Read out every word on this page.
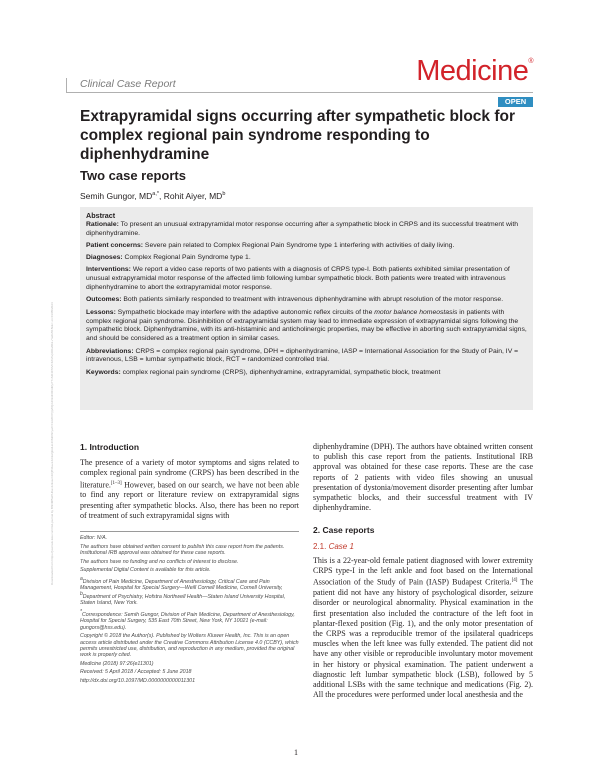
Downloaded from https://journals.lww.com/md-journal by BhDMf5ePHKav1zEoum1tQfN4a+kJLhEZgbsIHo4XMi0hCywCX1AWnYQp/IlQrHD3i3D0OdRyi7TvSFl4Cf3VC4/OAVpDDa8K2+Ya6H515kE= on 03/05/2024
Clinical Case Report	Medicine®
OPEN
Extrapyramidal signs occurring after sympathetic block for complex regional pain syndrome responding to diphenhydramine
Two case reports
Semih Gungor, $MD^{a,*}$, Rohit Aiyer, $MD^b$
Abstract
Rationale: To present an unusual extrapyramidal motor response occurring after a sympathetic block in CRPS and its successful treatment with diphenhydramine.
Patient concerns: Severe pain related to Complex Regional Pain Syndrome type 1 interfering with activities of daily living.
Diagnoses: Complex Regional Pain Syndrome type 1.
Interventions: We report a video case reports of two patients with a diagnosis of CRPS type-I. Both patients exhibited similar presentation of unusual extrapyramidal motor response of the affected limb following lumbar sympathetic block. Both patients were treated with intravenous diphenhydramine to abort the extrapyramidal motor response.
Outcomes: Both patients similarly responded to treatment with intravenous diphenhydramine with abrupt resolution of the motor response.
Lessons: Sympathetic blockade may interfere with the adaptive autonomic reflex circuits of the motor balance homeostasis in patients with complex regional pain syndrome. Disinhibition of extrapyramidal system may lead to immediate expression of extrapyramidal signs following the sympathetic block. Diphenhydramine, with its anti-histaminic and anticholinergic properties, may be effective in aborting such extrapyramidal signs, and should be considered as a treatment option in similar cases.
Abbreviations: CRPS = complex regional pain syndrome, DPH = diphenhydramine, IASP = International Association for the Study of Pain, IV = intravenous, LSB = lumbar sympathetic block, RCT = randomized controlled trial.
Keywords: complex regional pain syndrome (CRPS), diphenhydramine, extrapyramidal, sympathetic block, treatment
1. Introduction

The presence of a variety of motor symptoms and signs related to complex regional pain syndrome (CRPS) has been described in the literature.[1–3] However, based on our search, we have not been able to find any report or literature review on extrapyramidal signs presenting after sympathetic blocks. Also, there has been no report of treatment of such extrapyramidal signs with

Editor: N/A.
The authors have obtained written consent to publish this case report from the patients. Institutional IRB approval was obtained for these case reports.
The authors have no funding and no conflicts of interest to disclose.
Supplemental Digital Content is available for this article.
$^a$Division of Pain Medicine, Department of Anesthesiology, Critical Care and Pain Management, Hospital for Special Surgery—Weill Cornell Medicine, Cornell University, $^b$Department of Psychiatry, Hofstra Northwell Health—Staten Island University Hospital, Staten Island, New York.
*Correspondence: Semih Gungor, Division of Pain Medicine, Department of Anesthesiology, Hospital for Special Surgery, 535 East 70th Street, New York, NY 10021 (e-mail: gungors@hss.edu).
Copyright © 2018 the Author(s). Published by Wolters Kluwer Health, Inc. This is an open access article distributed under the Creative Commons Attribution License 4.0 (CCBY), which permits unrestricted use, distribution, and reproduction in any medium, provided the original work is properly cited.
Medicine (2018) 97:26(e11301)
Received: 5 April 2018 / Accepted: 5 June 2018
http://dx.doi.org/10.1097/MD.0000000000011301

diphenhydramine (DPH). The authors have obtained written consent to publish this case report from the patients. Institutional IRB approval was obtained for these case reports. These are the case reports of 2 patients with video files showing an unusual presentation of dystonia/movement disorder presenting after lumbar sympathetic blocks, and their successful treatment with IV diphenhydramine.

2. Case reports
2.1. Case 1

This is a 22-year-old female patient diagnosed with lower extremity CRPS type-I in the left ankle and foot based on the International Association of the Study of Pain (IASP) Budapest Criteria.[4] The patient did not have any history of psychological disorder, seizure disorder or neurological abnormality. Physical examination in the first presentation also included the contracture of the left foot in plantar-flexed position (Fig. 1), and the only motor presentation of the CRPS was a reproducible tremor of the ipsilateral quadriceps muscles when the left knee was fully extended. The patient did not have any other visible or reproducible involuntary motor movement in her history or physical examination. The patient underwent a diagnostic left lumbar sympathetic block (LSB), followed by 5 additional LSBs with the same technique and medications (Fig. 2). All the procedures were performed under local anesthesia and the

1
